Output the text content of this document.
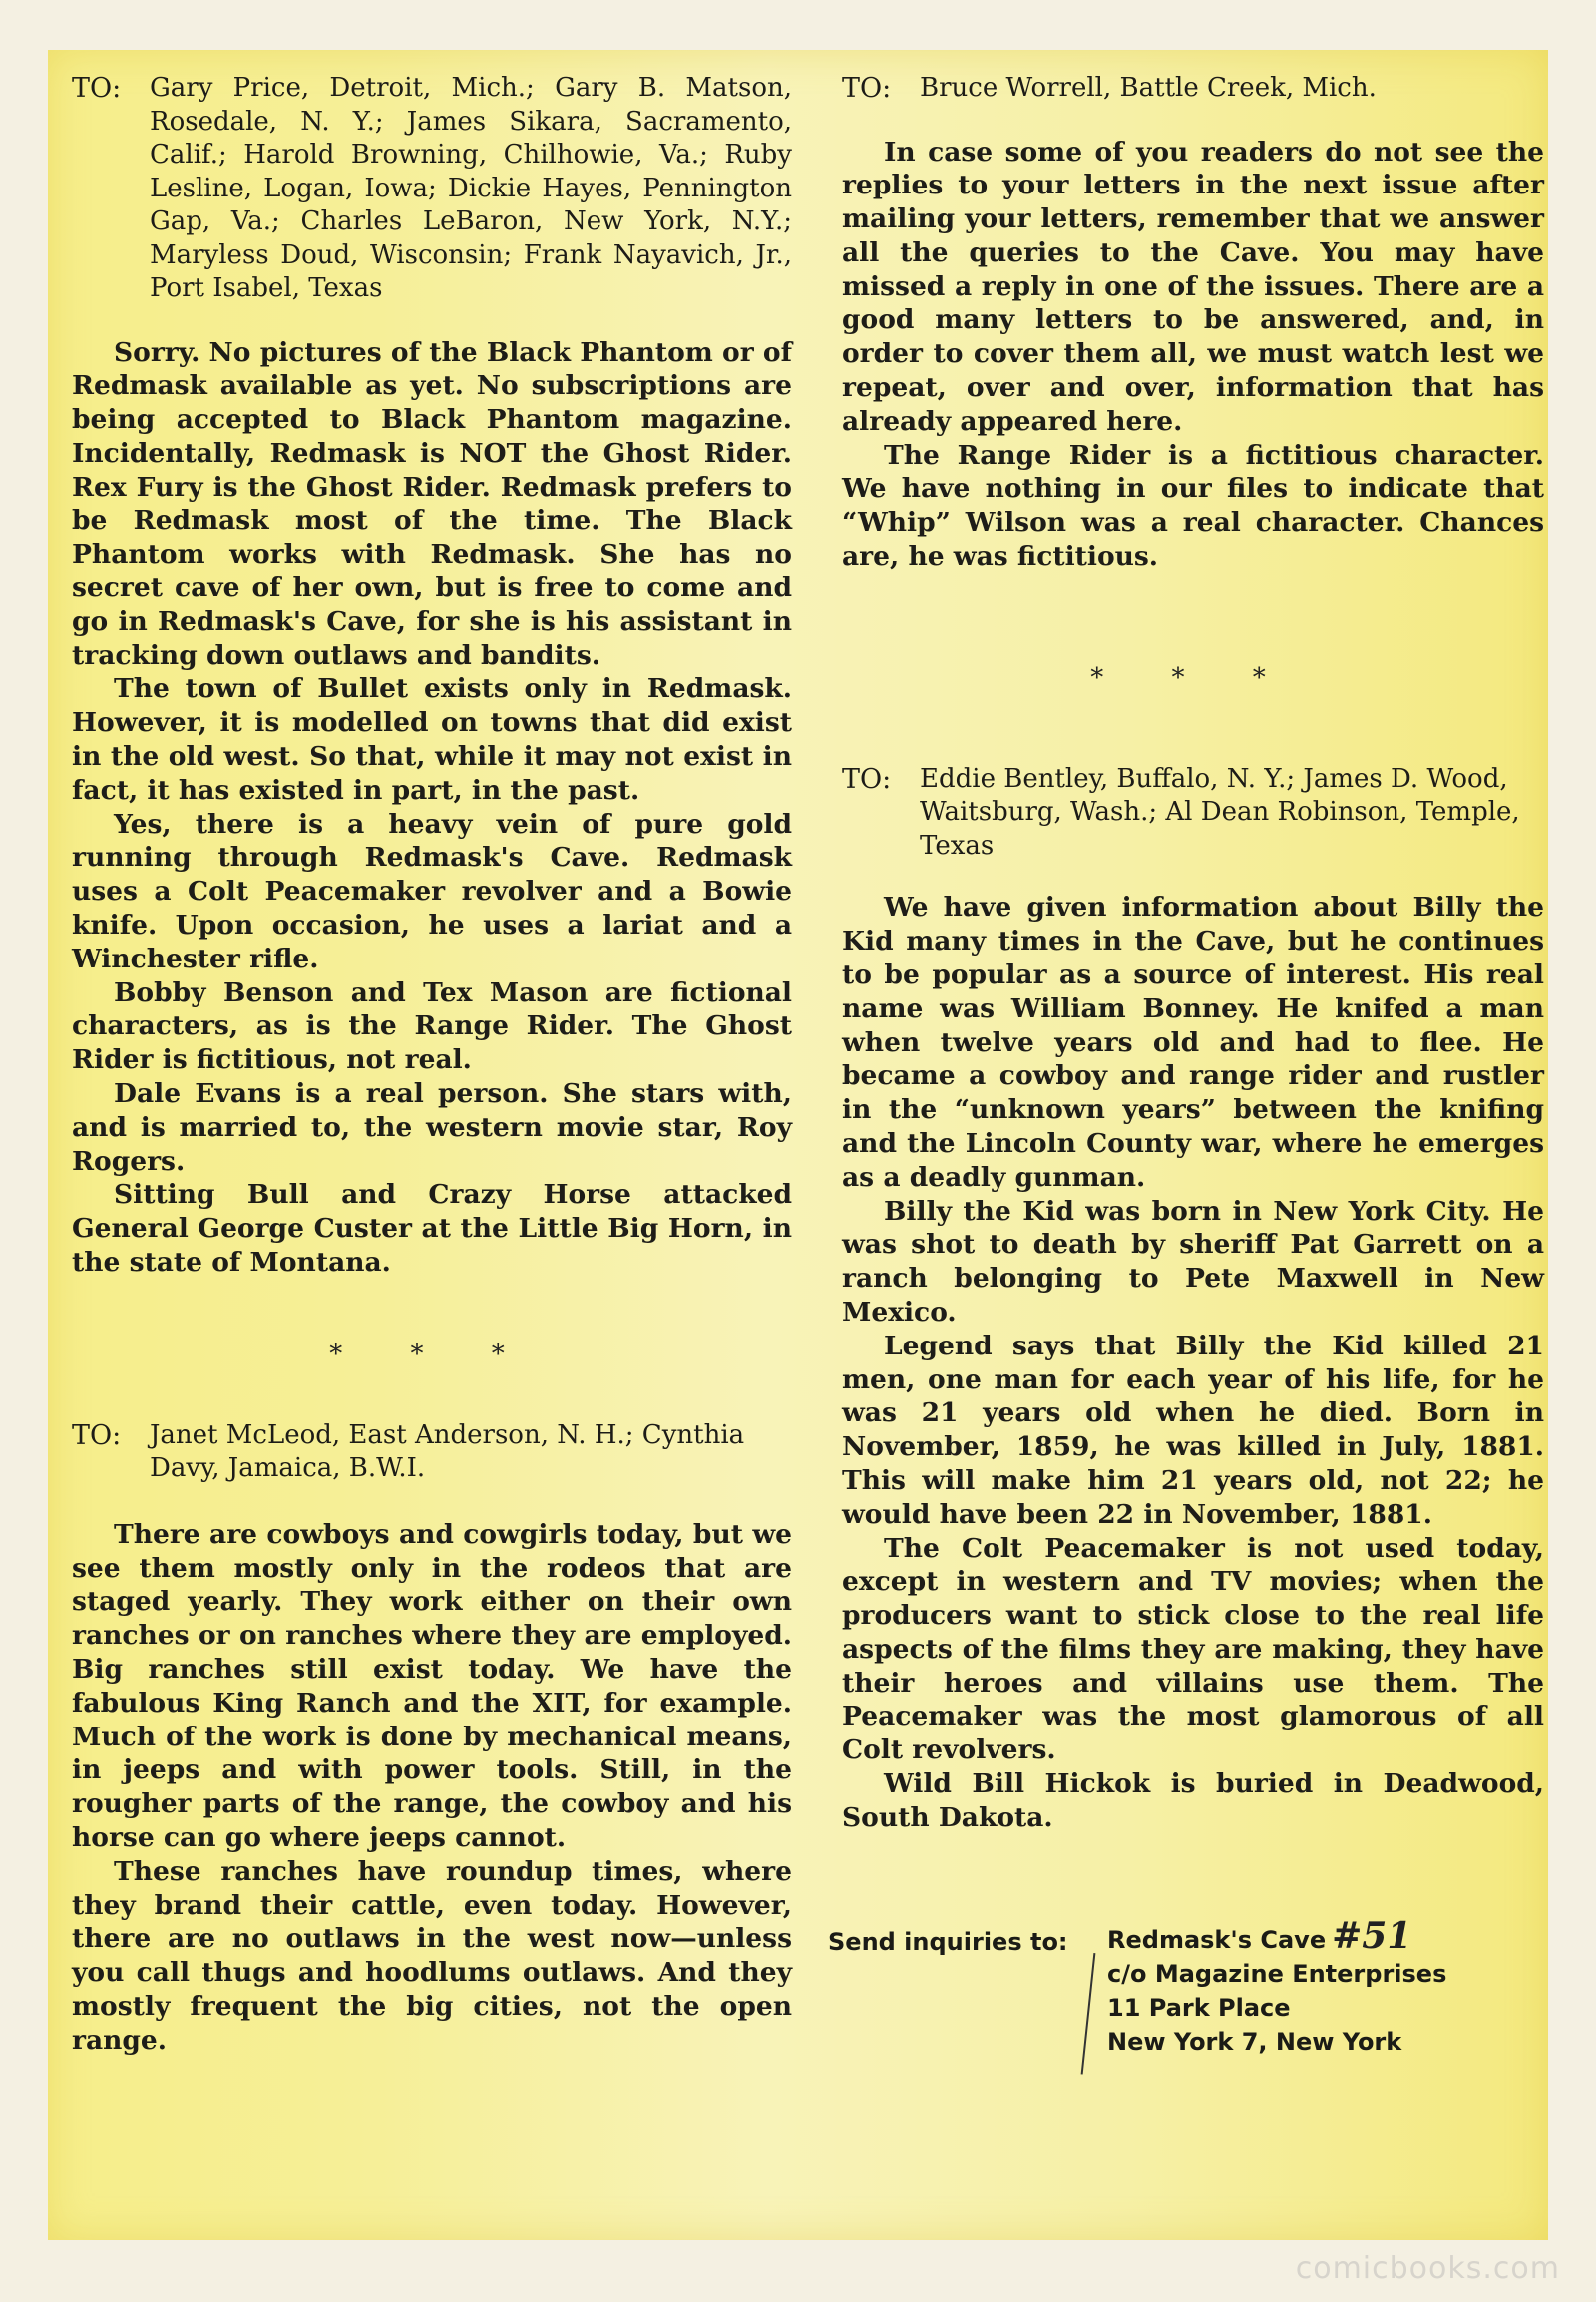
TO:	Gary Price, Detroit, Mich.; Gary B. Matson, Rosedale, N. Y.; James Sikara, Sacramento, Calif.; Harold Browning, Chilhowie, Va.; Ruby Lesline, Logan, Iowa; Dickie Hayes, Pennington Gap, Va.; Charles LeBaron, New York, N.Y.; Maryless Doud, Wisconsin; Frank Nayavich, Jr., Port Isabel, Texas

Sorry. No pictures of the Black Phantom or of Redmask available as yet. No subscriptions are being accepted to Black Phantom magazine. Incidentally, Redmask is NOT the Ghost Rider. Rex Fury is the Ghost Rider. Redmask prefers to be Redmask most of the time. The Black Phantom works with Redmask. She has no secret cave of her own, but is free to come and go in Redmask's Cave, for she is his assistant in tracking down outlaws and bandits.

The town of Bullet exists only in Redmask. However, it is modelled on towns that did exist in the old west. So that, while it may not exist in fact, it has existed in part, in the past.

Yes, there is a heavy vein of pure gold running through Redmask's Cave. Redmask uses a Colt Peacemaker revolver and a Bowie knife. Upon occasion, he uses a lariat and a Winchester rifle.

Bobby Benson and Tex Mason are fictional characters, as is the Range Rider. The Ghost Rider is fictitious, not real.

Dale Evans is a real person. She stars with, and is married to, the western movie star, Roy Rogers.

Sitting Bull and Crazy Horse attacked General George Custer at the Little Big Horn, in the state of Montana.

* * *
TO:	Janet McLeod, East Anderson, N. H.; Cynthia Davy, Jamaica, B.W.I.

There are cowboys and cowgirls today, but we see them mostly only in the rodeos that are staged yearly. They work either on their own ranches or on ranches where they are employed. Big ranches still exist today. We have the fabulous King Ranch and the XIT, for example. Much of the work is done by mechanical means, in jeeps and with power tools. Still, in the rougher parts of the range, the cowboy and his horse can go where jeeps cannot.

These ranches have roundup times, where they brand their cattle, even today. However, there are no outlaws in the west now—unless you call thugs and hoodlums outlaws. And they mostly frequent the big cities, not the open range.

TO:	Bruce Worrell, Battle Creek, Mich.

In case some of you readers do not see the replies to your letters in the next issue after mailing your letters, remember that we answer all the queries to the Cave. You may have missed a reply in one of the issues. There are a good many letters to be answered, and, in order to cover them all, we must watch lest we repeat, over and over, information that has already appeared here.

The Range Rider is a fictitious character. We have nothing in our files to indicate that “Whip” Wilson was a real character. Chances are, he was fictitious.

* * *
TO:	Eddie Bentley, Buffalo, N. Y.; James D. Wood, Waitsburg, Wash.; Al Dean Robinson, Temple, Texas

We have given information about Billy the Kid many times in the Cave, but he continues to be popular as a source of interest. His real name was William Bonney. He knifed a man when twelve years old and had to flee. He became a cowboy and range rider and rustler in the “unknown years” between the knifing and the Lincoln County war, where he emerges as a deadly gunman.

Billy the Kid was born in New York City. He was shot to death by sheriff Pat Garrett on a ranch belonging to Pete Maxwell in New Mexico.

Legend says that Billy the Kid killed 21 men, one man for each year of his life, for he was 21 years old when he died. Born in November, 1859, he was killed in July, 1881. This will make him 21 years old, not 22; he would have been 22 in November, 1881.

The Colt Peacemaker is not used today, except in western and TV movies; when the producers want to stick close to the real life aspects of the films they are making, they have their heroes and villains use them. The Peacemaker was the most glamorous of all Colt revolvers.

Wild Bill Hickok is buried in Deadwood, South Dakota.

Send inquiries to: Redmask's Cave #51
c/o Magazine Enterprises
11 Park Place
New York 7, New York
comicbooks.com
